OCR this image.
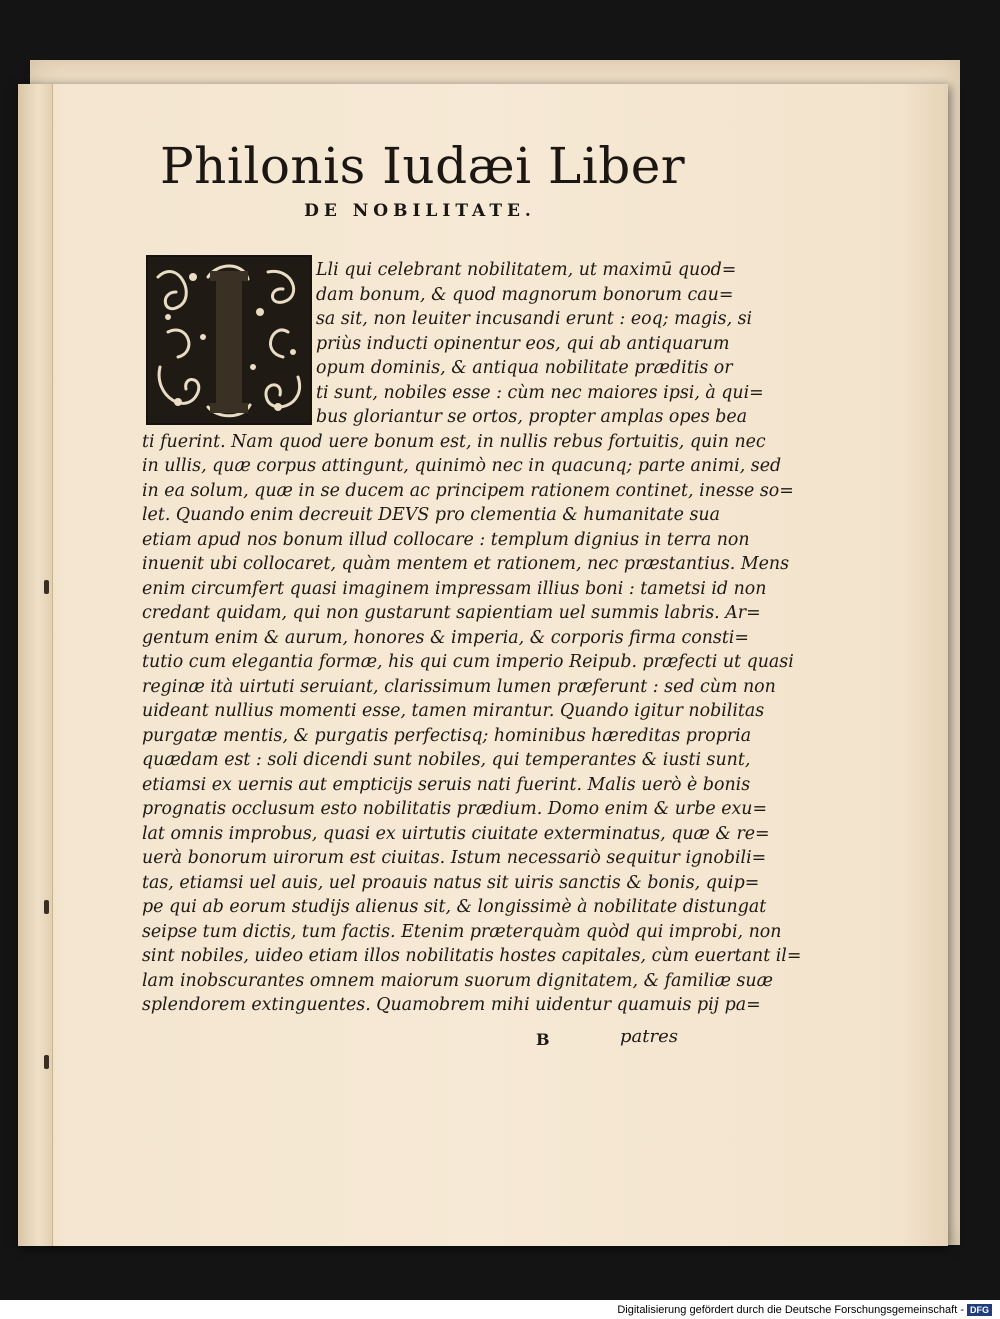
Philonis Iudæi Liber
DE NOBILITATE.
Lli qui celebrant nobilitatem, ut maximū quod=
dam bonum, & quod magnorum bonorum cau=
sa sit, non leuiter incusandi erunt : eoq; magis, si
priùs inducti opinentur eos, qui ab antiquarum
opum dominis, & antiqua nobilitate præditis or
ti sunt, nobiles esse : cùm nec maiores ipsi, à qui=
bus gloriantur se ortos, propter amplas opes bea
ti fuerint. Nam quod uere bonum est, in nullis rebus fortuitis, quin nec
in ullis, quæ corpus attingunt, quinimò nec in quacunq; parte animi, sed
in ea solum, quæ in se ducem ac principem rationem continet, inesse so=
let. Quando enim decreuit DEVS pro clementia & humanitate sua
etiam apud nos bonum illud collocare : templum dignius in terra non
inuenit ubi collocaret, quàm mentem et rationem, nec præstantius. Mens
enim circumfert quasi imaginem impressam illius boni : tametsi id non
credant quidam, qui non gustarunt sapientiam uel summis labris. Ar=
gentum enim & aurum, honores & imperia, & corporis firma consti=
tutio cum elegantia formæ, his qui cum imperio Reipub. præfecti ut quasi
reginæ ità uirtuti seruiant, clarissimum lumen præferunt : sed cùm non
uideant nullius momenti esse, tamen mirantur. Quando igitur nobilitas
purgatæ mentis, & purgatis perfectisq; hominibus hæreditas propria
quædam est : soli dicendi sunt nobiles, qui temperantes & iusti sunt,
etiamsi ex uernis aut empticijs seruis nati fuerint. Malis uerò è bonis
prognatis occlusum esto nobilitatis prædium. Domo enim & urbe exu=
lat omnis improbus, quasi ex uirtutis ciuitate exterminatus, quæ & re=
uerà bonorum uirorum est ciuitas. Istum necessariò sequitur ignobili=
tas, etiamsi uel auis, uel proauis natus sit uiris sanctis & bonis, quip=
pe qui ab eorum studijs alienus sit, & longissimè à nobilitate distungat
seipse tum dictis, tum factis. Etenim præterquàm quòd qui improbi, non
sint nobiles, uideo etiam illos nobilitatis hostes capitales, cùm euertant il=
lam inobscurantes omnem maiorum suorum dignitatem, & familiæ suæ
splendorem extinguentes. Quamobrem mihi uidentur quamuis pij pa=
B	patres
Digitalisierung gefördert durch die Deutsche Forschungsgemeinschaft - DFG
